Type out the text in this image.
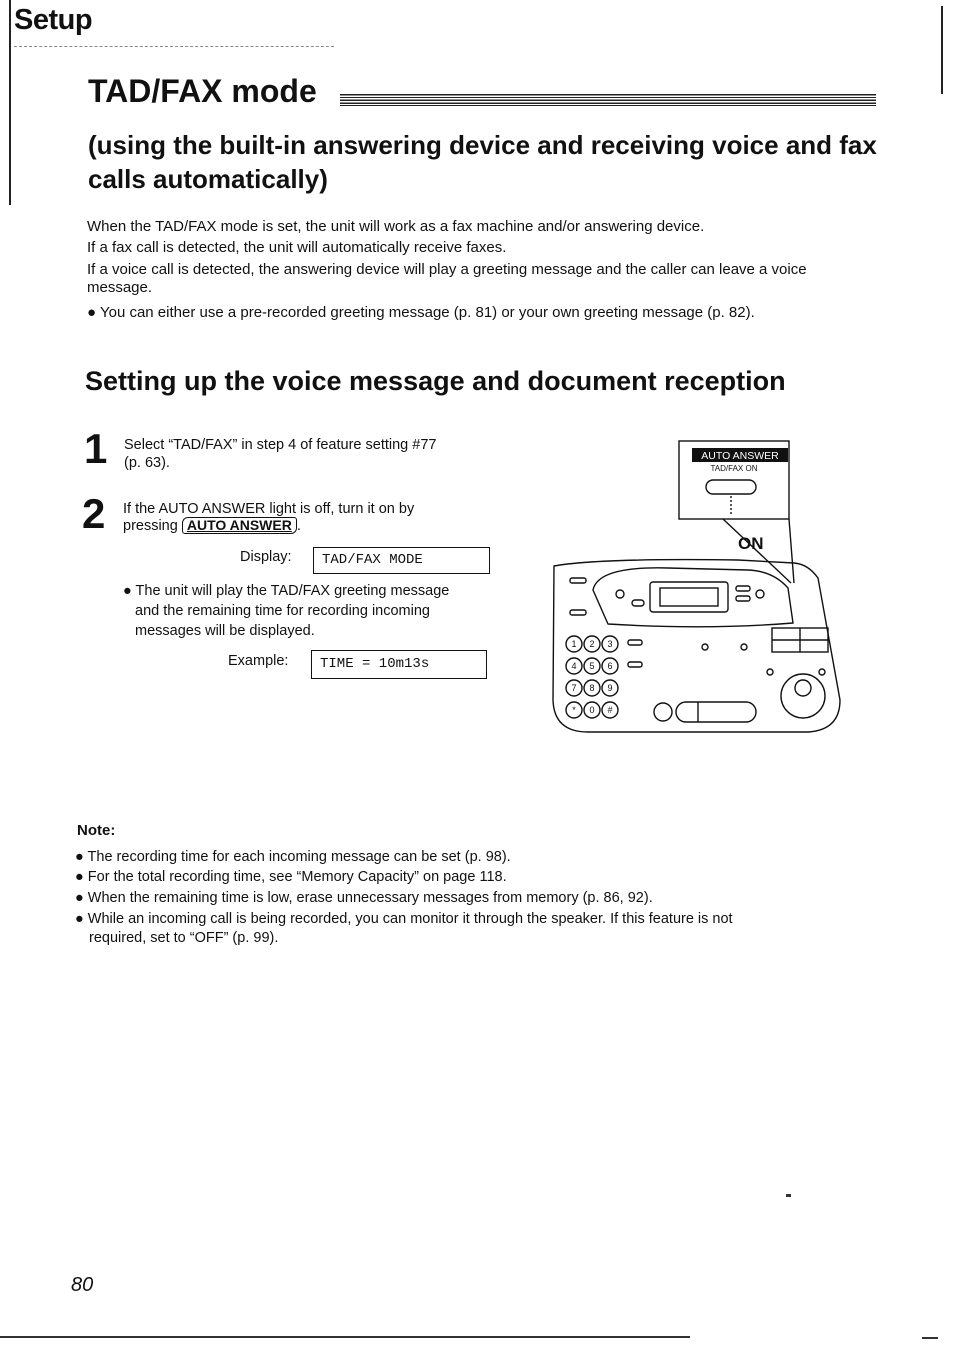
Setup
TAD/FAX mode
(using the built-in answering device and receiving voice and fax calls automatically)
When the TAD/FAX mode is set, the unit will work as a fax machine and/or answering device.
If a fax call is detected, the unit will automatically receive faxes.
If a voice call is detected, the answering device will play a greeting message and the caller can leave a voice
message.
● You can either use a pre-recorded greeting message (p. 81) or your own greeting message (p. 82).
Setting up the voice message and document reception
1 Select “TAD/FAX” in step 4 of feature setting #77
(p. 63).
2 If the AUTO ANSWER light is off, turn it on by
pressing AUTO ANSWER .
Display:	TAD/FAX MODE
● The unit will play the TAD/FAX greeting message
and the remaining time for recording incoming
messages will be displayed.
Example:	TIME = 10m13s
AUTO ANSWER
TAD/FAX ON
ON
1 2 3
4 5 6
7 8 9
* 0 #
Note:
● The recording time for each incoming message can be set (p. 98).
● For the total recording time, see “Memory Capacity” on page 118.
● When the remaining time is low, erase unnecessary messages from memory (p. 86, 92).
● While an incoming call is being recorded, you can monitor it through the speaker. If this feature is not
required, set to “OFF” (p. 99).
80
